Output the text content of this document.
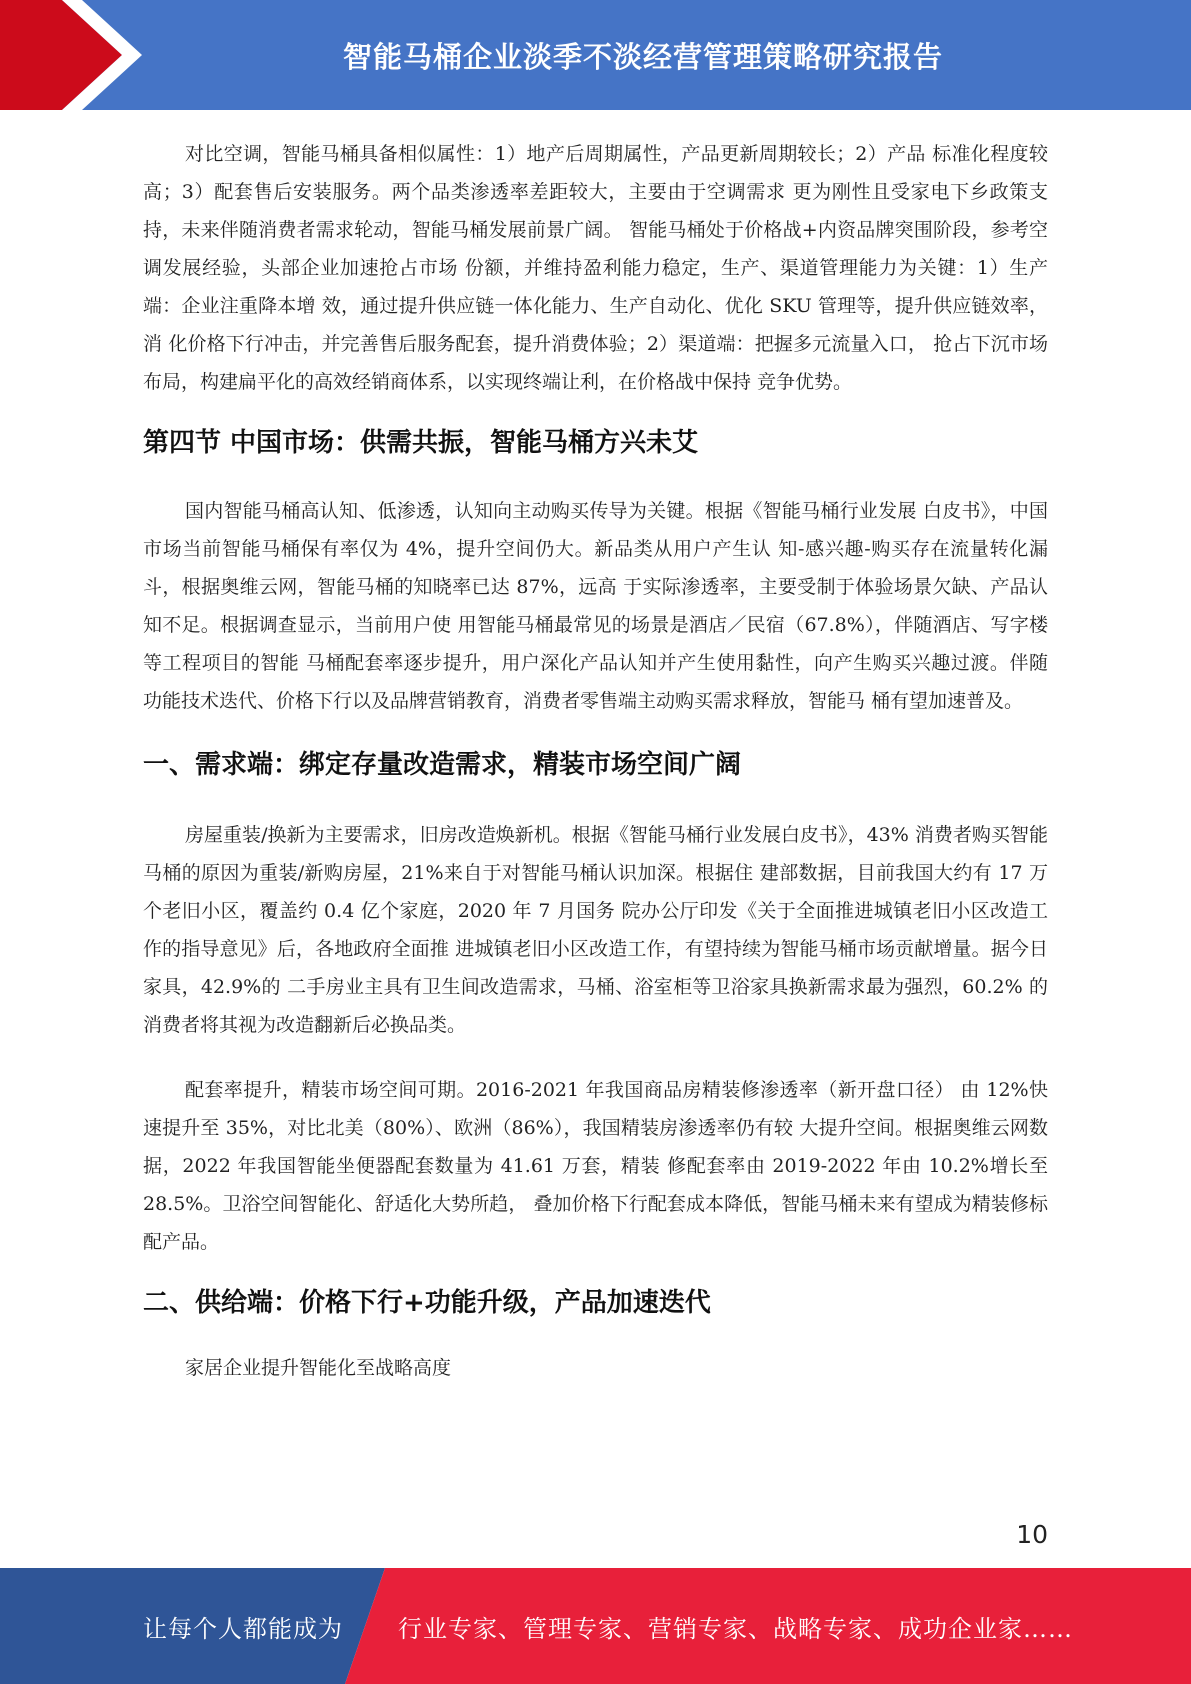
智能马桶企业淡季不淡经营管理策略研究报告

对比空调，智能马桶具备相似属性：1）地产后周期属性，产品更新周期较长；2）产品 标准化程度较高；3）配套售后安装服务。两个品类渗透率差距较大，主要由于空调需求 更为刚性且受家电下乡政策支持，未来伴随消费者需求轮动，智能马桶发展前景广阔。 智能马桶处于价格战+内资品牌突围阶段，参考空调发展经验，头部企业加速抢占市场 份额，并维持盈利能力稳定，生产、渠道管理能力为关键：1）生产端：企业注重降本增 效，通过提升供应链一体化能力、生产自动化、优化 SKU 管理等，提升供应链效率，消 化价格下行冲击，并完善售后服务配套，提升消费体验；2）渠道端：把握多元流量入口， 抢占下沉市场布局，构建扁平化的高效经销商体系，以实现终端让利，在价格战中保持 竞争优势。

第四节 中国市场：供需共振，智能马桶方兴未艾

国内智能马桶高认知、低渗透，认知向主动购买传导为关键。根据《智能马桶行业发展 白皮书》，中国市场当前智能马桶保有率仅为 4%，提升空间仍大。新品类从用户产生认 知-感兴趣-购买存在流量转化漏斗，根据奥维云网，智能马桶的知晓率已达 87%，远高 于实际渗透率，主要受制于体验场景欠缺、产品认知不足。根据调查显示，当前用户使 用智能马桶最常见的场景是酒店／民宿（67.8%），伴随酒店、写字楼等工程项目的智能 马桶配套率逐步提升，用户深化产品认知并产生使用黏性，向产生购买兴趣过渡。伴随 功能技术迭代、价格下行以及品牌营销教育，消费者零售端主动购买需求释放，智能马 桶有望加速普及。

一、需求端：绑定存量改造需求，精装市场空间广阔

房屋重装/换新为主要需求，旧房改造焕新机。根据《智能马桶行业发展白皮书》，43% 消费者购买智能马桶的原因为重装/新购房屋，21%来自于对智能马桶认识加深。根据住 建部数据，目前我国大约有 17 万个老旧小区，覆盖约 0.4 亿个家庭，2020 年 7 月国务 院办公厅印发《关于全面推进城镇老旧小区改造工作的指导意见》后，各地政府全面推 进城镇老旧小区改造工作，有望持续为智能马桶市场贡献增量。据今日家具，42.9%的 二手房业主具有卫生间改造需求，马桶、浴室柜等卫浴家具换新需求最为强烈，60.2% 的消费者将其视为改造翻新后必换品类。

配套率提升，精装市场空间可期。2016-2021 年我国商品房精装修渗透率（新开盘口径） 由 12%快速提升至 35%，对比北美（80%）、欧洲（86%），我国精装房渗透率仍有较 大提升空间。根据奥维云网数据，2022 年我国智能坐便器配套数量为 41.61 万套，精装 修配套率由 2019-2022 年由 10.2%增长至 28.5%。卫浴空间智能化、舒适化大势所趋， 叠加价格下行配套成本降低，智能马桶未来有望成为精装修标配产品。

二、供给端：价格下行+功能升级，产品加速迭代

家居企业提升智能化至战略高度

10
让每个人都能成为 行业专家、管理专家、营销专家、战略专家、成功企业家……
